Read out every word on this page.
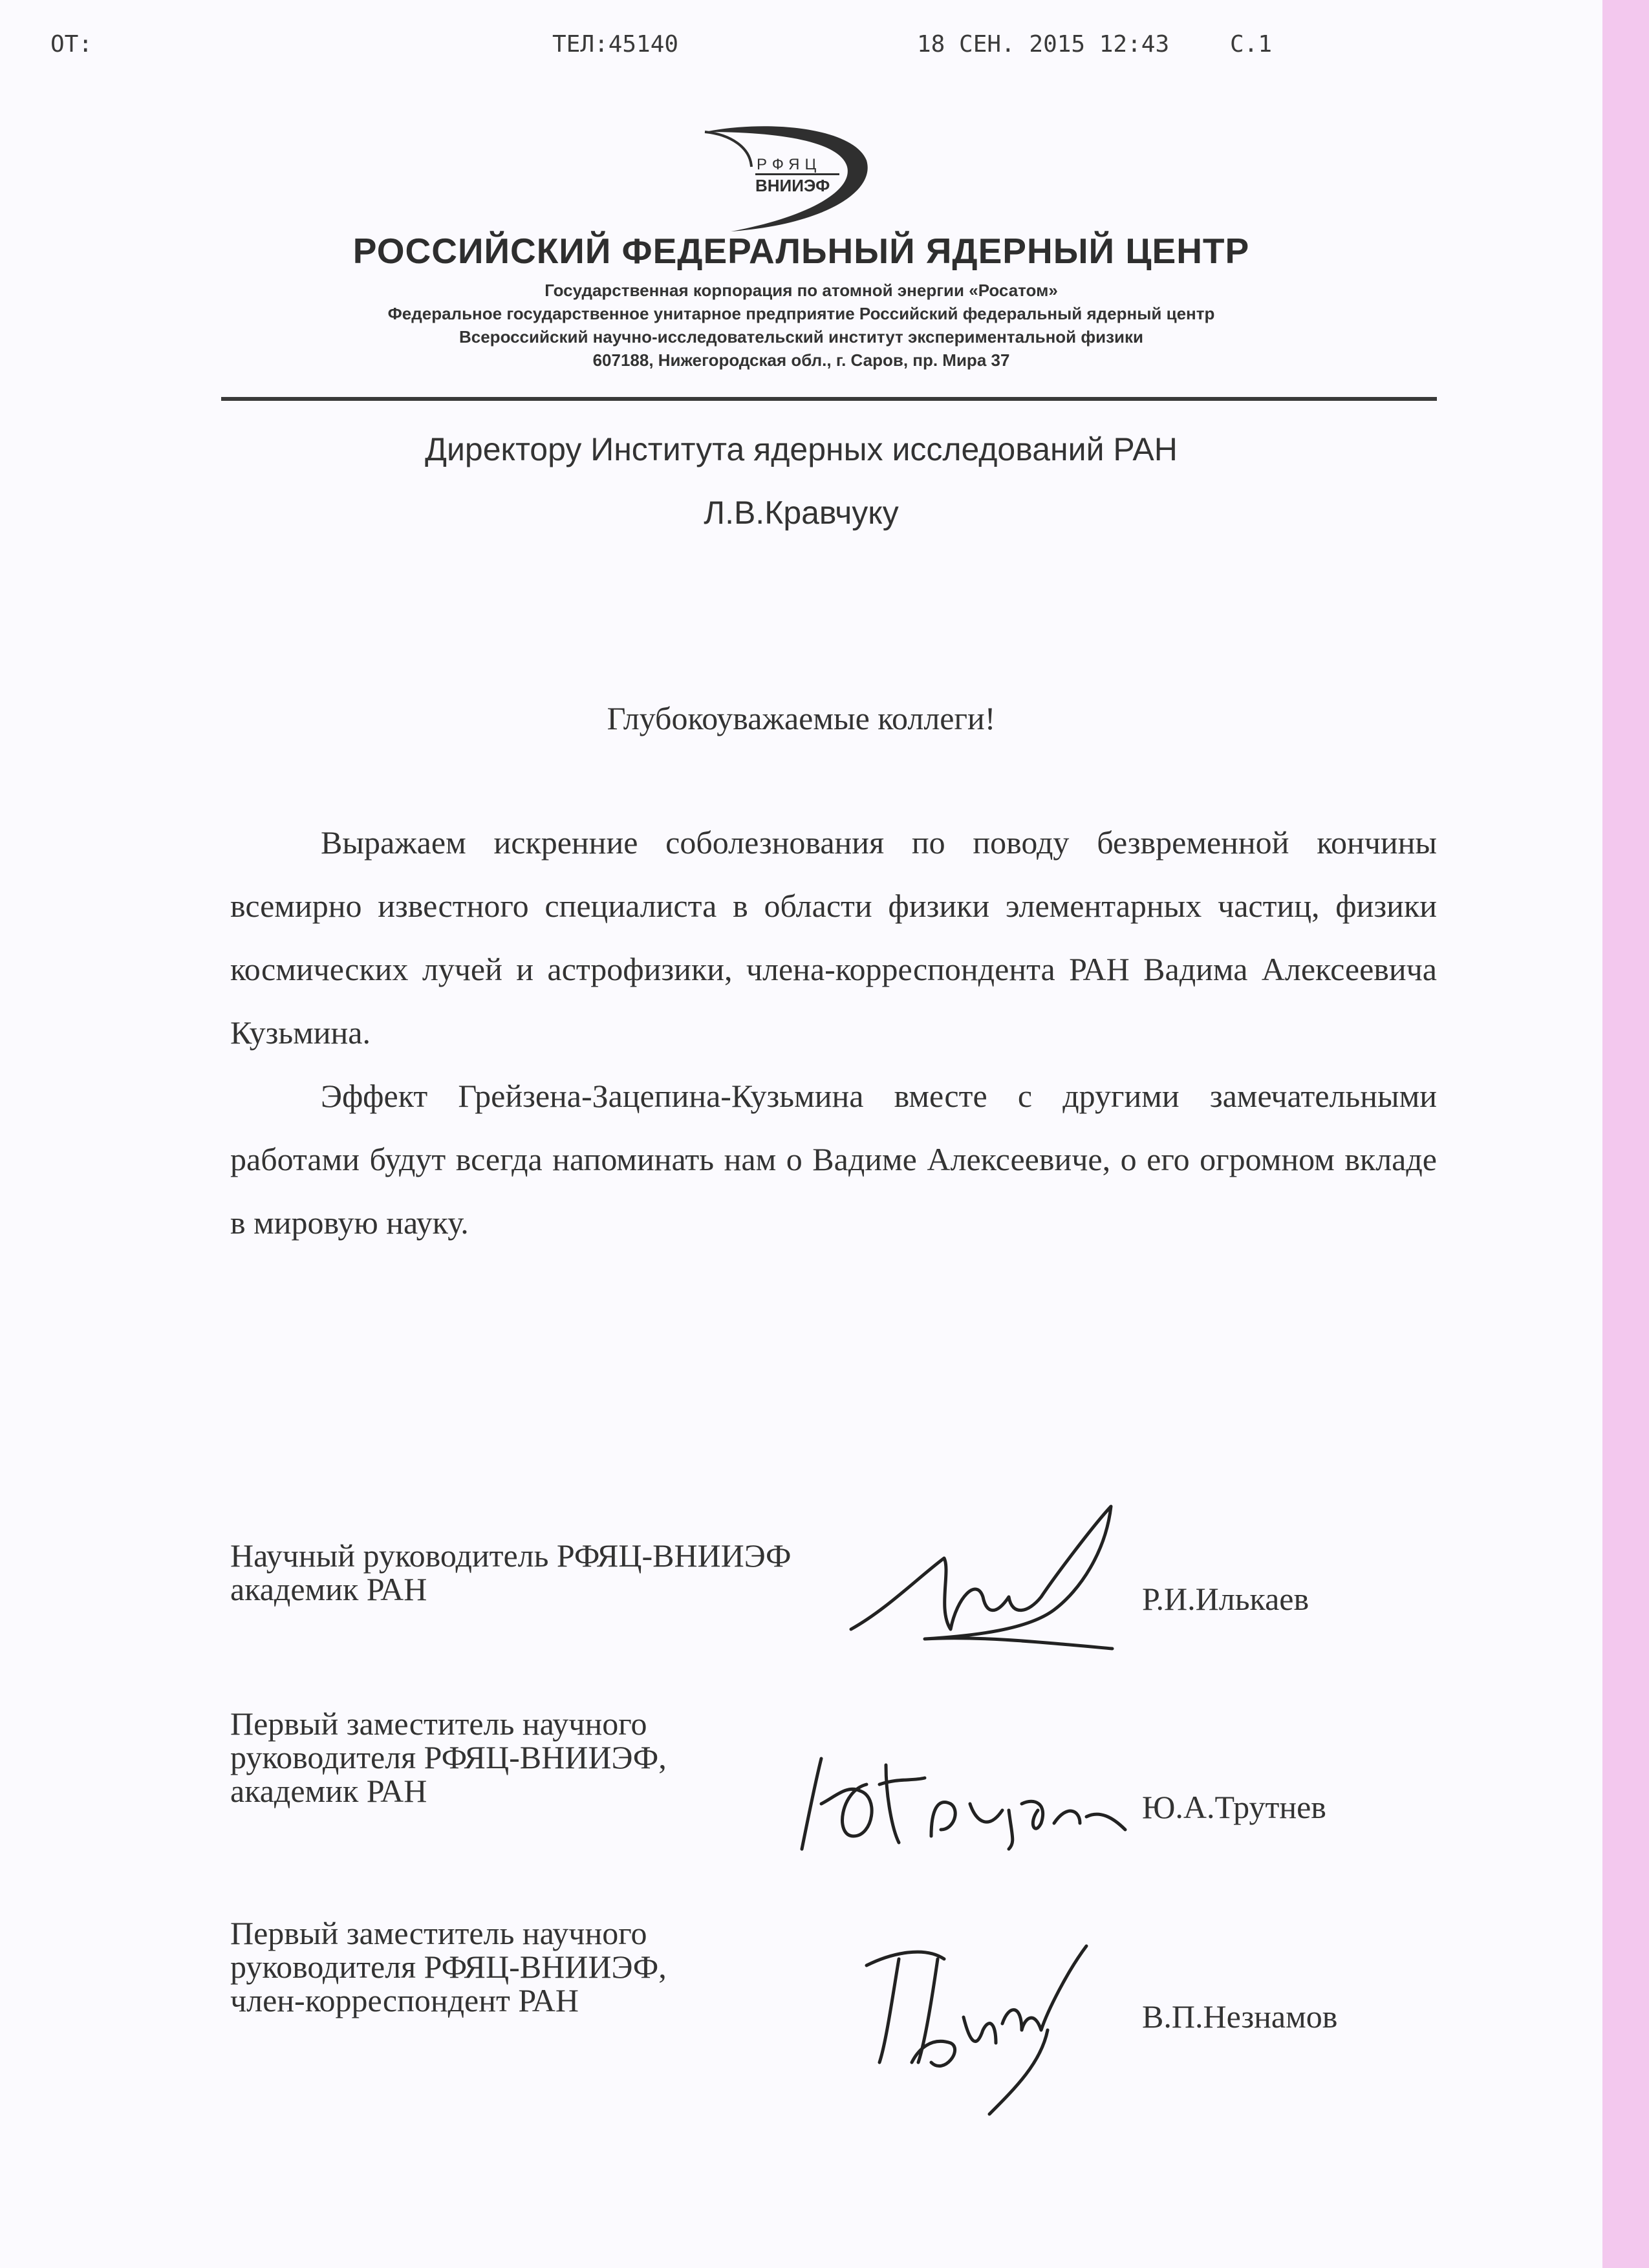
ОТ:	ТЕЛ:45140	18 СЕН. 2015 12:43	С.1
РФЯЦ
ВНИИЭФ
РОССИЙСКИЙ ФЕДЕРАЛЬНЫЙ ЯДЕРНЫЙ ЦЕНТР
Государственная корпорация по атомной энергии «Росатом»
Федеральное государственное унитарное предприятие Российский федеральный ядерный центр
Всероссийский научно-исследовательский институт экспериментальной физики
607188, Нижегородская обл., г. Саров, пр. Мира 37
Директору Института ядерных исследований РАН
Л.В.Кравчуку
Глубокоуважаемые коллеги!

Выражаем искренние соболезнования по поводу безвременной кончины всемирно известного специалиста в области физики элементарных частиц, физики космических лучей и астрофизики, члена-корреспондента РАН Вадима Алексеевича Кузьмина.

Эффект Грейзена-Зацепина-Кузьмина вместе с другими замечательными работами будут всегда напоминать нам о Вадиме Алексеевиче, о его огромном вкладе в мировую науку.

Научный руководитель РФЯЦ-ВНИИЭФ
академик РАН	Р.И.Илькаев
Первый заместитель научного
руководителя РФЯЦ-ВНИИЭФ,
академик РАН	Ю.А.Трутнев
Первый заместитель научного
руководителя РФЯЦ-ВНИИЭФ,
член-корреспондент РАН	В.П.Незнамов
